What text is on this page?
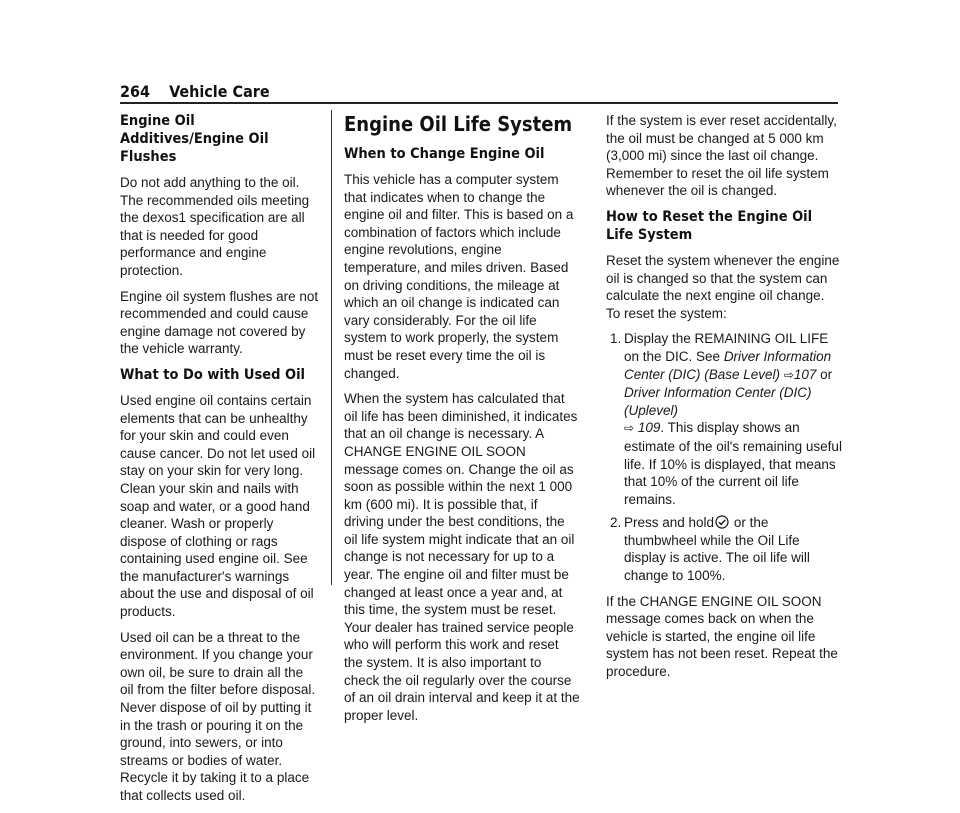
264 Vehicle Care
Engine Oil Additives/Engine Oil Flushes

Do not add anything to the oil. The recommended oils meeting the dexos1 specification are all that is needed for good performance and engine protection.

Engine oil system flushes are not recommended and could cause engine damage not covered by the vehicle warranty.

What to Do with Used Oil

Used engine oil contains certain elements that can be unhealthy for your skin and could even cause cancer. Do not let used oil stay on your skin for very long. Clean your skin and nails with soap and water, or a good hand cleaner. Wash or properly dispose of clothing or rags containing used engine oil. See the manufacturer's warnings about the use and disposal of oil products.

Used oil can be a threat to the environment. If you change your own oil, be sure to drain all the oil from the filter before disposal. Never dispose of oil by putting it in the trash or pouring it on the ground, into sewers, or into streams or bodies of water. Recycle it by taking it to a place that collects used oil.

Engine Oil Life System
When to Change Engine Oil

This vehicle has a computer system that indicates when to change the engine oil and filter. This is based on a combination of factors which include engine revolutions, engine temperature, and miles driven. Based on driving conditions, the mileage at which an oil change is indicated can vary considerably. For the oil life system to work properly, the system must be reset every time the oil is changed.

When the system has calculated that oil life has been diminished, it indicates that an oil change is necessary. A CHANGE ENGINE OIL SOON message comes on. Change the oil as soon as possible within the next 1 000 km (600 mi). It is possible that, if driving under the best conditions, the oil life system might indicate that an oil change is not necessary for up to a year. The engine oil and filter must be changed at least once a year and, at this time, the system must be reset. Your dealer has trained service people who will perform this work and reset the system. It is also important to check the oil regularly over the course of an oil drain interval and keep it at the proper level.

If the system is ever reset accidentally, the oil must be changed at 5 000 km (3,000 mi) since the last oil change. Remember to reset the oil life system whenever the oil is changed.

How to Reset the Engine Oil Life System

Reset the system whenever the engine oil is changed so that the system can calculate the next engine oil change. To reset the system:

1. Display the REMAINING OIL LIFE on the DIC. See Driver Information Center (DIC) (Base Level) ⇨107 or
Driver Information Center (DIC) (Uplevel)
⇨ 109. This display shows an estimate of the oil's remaining useful life. If 10% is displayed, that means that 10% of the current oil life remains.
2. Press and hold or the thumbwheel while the Oil Life display is active. The oil life will change to 100%.

If the CHANGE ENGINE OIL SOON message comes back on when the vehicle is started, the engine oil life system has not been reset. Repeat the procedure.
